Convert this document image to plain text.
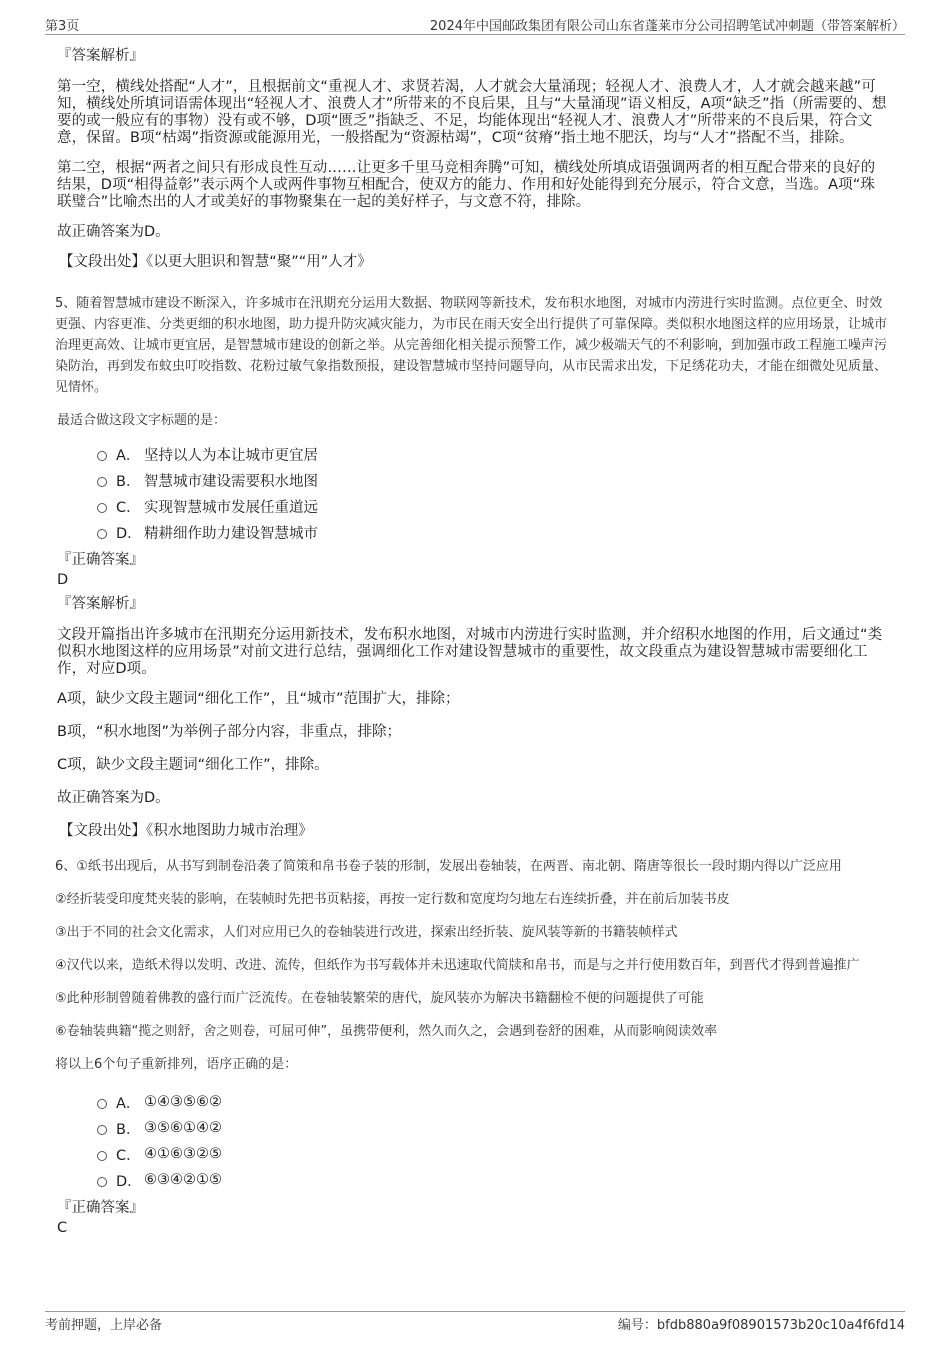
第3页	2024年中国邮政集团有限公司山东省蓬莱市分公司招聘笔试冲刺题（带答案解析）
『答案解析』

第一空，横线处搭配“人才”，且根据前文“重视人才、求贤若渴，人才就会大量涌现；轻视人才、浪费人才，人才就会越来越”可知，横线处所填词语需体现出“轻视人才、浪费人才”所带来的不良后果，且与“大量涌现”语义相反，A项“缺乏”指（所需要的、想要的或一般应有的事物）没有或不够，D项“匮乏”指缺乏、不足，均能体现出“轻视人才、浪费人才”所带来的不良后果，符合文意，保留。B项“枯竭”指资源或能源用光，一般搭配为“资源枯竭”，C项“贫瘠”指土地不肥沃，均与“人才”搭配不当，排除。

第二空，根据“两者之间只有形成良性互动……让更多千里马竞相奔腾”可知，横线处所填成语强调两者的相互配合带来的良好的结果，D项“相得益彰”表示两个人或两件事物互相配合，使双方的能力、作用和好处能得到充分展示，符合文意，当选。A项“珠联璧合”比喻杰出的人才或美好的事物聚集在一起的美好样子，与文意不符，排除。

故正确答案为D。

【文段出处】《以更大胆识和智慧“聚”“用”人才》

5、随着智慧城市建设不断深入，许多城市在汛期充分运用大数据、物联网等新技术，发布积水地图，对城市内涝进行实时监测。点位更全、时效更强、内容更准、分类更细的积水地图，助力提升防灾减灾能力，为市民在雨天安全出行提供了可靠保障。类似积水地图这样的应用场景，让城市治理更高效、让城市更宜居，是智慧城市建设的创新之举。从完善细化相关提示预警工作，减少极端天气的不利影响，到加强市政工程施工噪声污染防治，再到发布蚊虫叮咬指数、花粉过敏气象指数预报，建设智慧城市坚持问题导向，从市民需求出发，下足绣花功夫，才能在细微处见质量、见情怀。
最适合做这段文字标题的是：
A． 坚持以人为本让城市更宜居
B． 智慧城市建设需要积水地图
C． 实现智慧城市发展任重道远
D． 精耕细作助力建设智慧城市
『正确答案』

D

『答案解析』

文段开篇指出许多城市在汛期充分运用新技术，发布积水地图，对城市内涝进行实时监测，并介绍积水地图的作用，后文通过“类似积水地图这样的应用场景”对前文进行总结，强调细化工作对建设智慧城市的重要性，故文段重点为建设智慧城市需要细化工作，对应D项。

A项，缺少文段主题词“细化工作”，且“城市”范围扩大，排除；

B项，“积水地图”为举例子部分内容，非重点，排除；

C项，缺少文段主题词“细化工作”，排除。

故正确答案为D。

【文段出处】《积水地图助力城市治理》

6、①纸书出现后，从书写到制卷沿袭了简策和帛书卷子装的形制，发展出卷轴装，在两晋、南北朝、隋唐等很长一段时期内得以广泛应用
②经折装受印度梵夹装的影响，在装帧时先把书页粘接，再按一定行数和宽度均匀地左右连续折叠，并在前后加装书皮
③出于不同的社会文化需求，人们对应用已久的卷轴装进行改进，探索出经折装、旋风装等新的书籍装帧样式
④汉代以来，造纸术得以发明、改进、流传，但纸作为书写载体并未迅速取代简牍和帛书，而是与之并行使用数百年，到晋代才得到普遍推广
⑤此种形制曾随着佛教的盛行而广泛流传。在卷轴装繁荣的唐代，旋风装亦为解决书籍翻检不便的问题提供了可能
⑥卷轴装典籍“揽之则舒，舍之则卷，可屈可伸”，虽携带便利，然久而久之，会遇到卷舒的困难，从而影响阅读效率
将以上6个句子重新排列，语序正确的是：
A． ①④③⑤⑥②
B． ③⑤⑥①④②
C． ④①⑥③②⑤
D． ⑥③④②①⑤
『正确答案』

C

考前押题，上岸必备	编号：bfdb880a9f08901573b20c10a4f6fd14
